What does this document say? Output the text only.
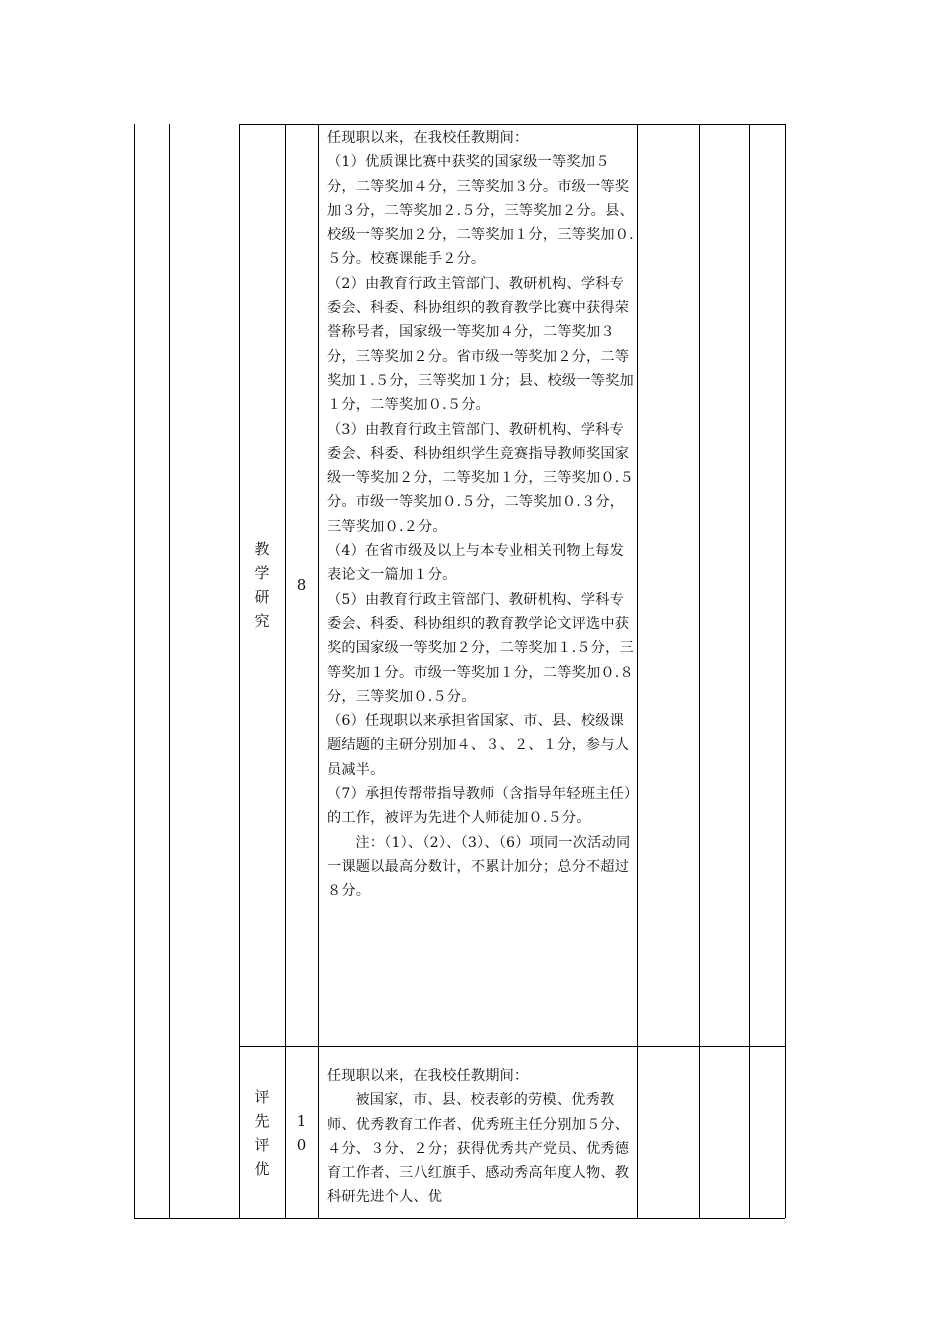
教
学
研
究
8

任现职以来，在我校任教期间：

（1）优质课比赛中获奖的国家级一等奖加５分，二等奖加４分，三等奖加３分。市级一等奖加３分，二等奖加２.５分，三等奖加２分。县、校级一等奖加２分，二等奖加１分，三等奖加０.５分。校赛课能手２分。

（2）由教育行政主管部门、教研机构、学科专委会、科委、科协组织的教育教学比赛中获得荣誉称号者，国家级一等奖加４分，二等奖加３分，三等奖加２分。省市级一等奖加２分，二等奖加１.５分，三等奖加１分；县、校级一等奖加１分，二等奖加０.５分。

（3）由教育行政主管部门、教研机构、学科专委会、科委、科协组织学生竞赛指导教师奖国家级一等奖加２分，二等奖加１分，三等奖加０.５分。市级一等奖加０.５分，二等奖加０.３分，三等奖加０.２分。

（4）在省市级及以上与本专业相关刊物上每发表论文一篇加１分。

（5）由教育行政主管部门、教研机构、学科专委会、科委、科协组织的教育教学论文评选中获奖的国家级一等奖加２分，二等奖加１.５分，三等奖加１分。市级一等奖加１分，二等奖加０.８分，三等奖加０.５分。

（6）任现职以来承担省国家、市、县、校级课题结题的主研分别加４、３、２、１分，参与人员减半。

（7）承担传帮带指导教师（含指导年轻班主任）的工作，被评为先进个人师徒加０.５分。

注：（1）、（2）、（3）、（6）项同一次活动同一课题以最高分数计，不累计加分；总分不超过８分。

评
先
评
优
1
0

任现职以来，在我校任教期间：

被国家，市、县、校表彰的劳模、优秀教师、优秀教育工作者、优秀班主任分别加５分、４分、３分、２分；获得优秀共产党员、优秀德育工作者、三八红旗手、感动秀高年度人物、教科研先进个人、优
